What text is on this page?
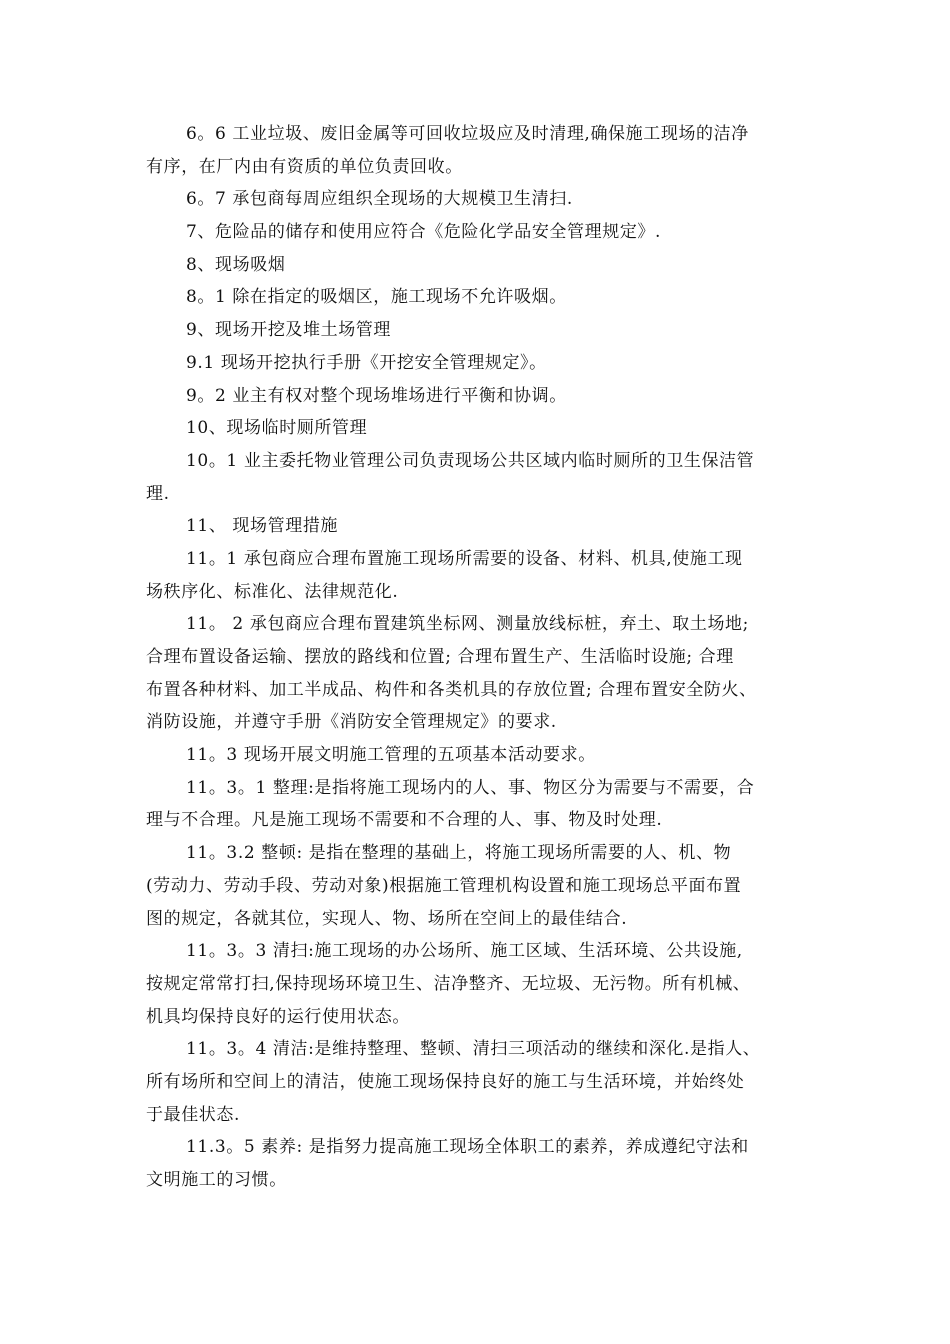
6。6 工业垃圾、废旧金属等可回收垃圾应及时清理,确保施工现场的洁净
有序，在厂内由有资质的单位负责回收。
6。7 承包商每周应组织全现场的大规模卫生清扫.
7、危险品的储存和使用应符合《危险化学品安全管理规定》.
8、现场吸烟
8。1 除在指定的吸烟区，施工现场不允许吸烟。
9、现场开挖及堆土场管理
9.1 现场开挖执行手册《开挖安全管理规定》。
9。2 业主有权对整个现场堆场进行平衡和协调。
10、现场临时厕所管理
10。1 业主委托物业管理公司负责现场公共区域内临时厕所的卫生保洁管
理.
11、 现场管理措施
11。1 承包商应合理布置施工现场所需要的设备、材料、机具,使施工现
场秩序化、标准化、法律规范化.
11。 2 承包商应合理布置建筑坐标网、测量放线标桩，弃土、取土场地;
合理布置设备运输、摆放的路线和位置; 合理布置生产、生活临时设施; 合理
布置各种材料、加工半成品、构件和各类机具的存放位置; 合理布置安全防火、
消防设施，并遵守手册《消防安全管理规定》的要求.
11。3 现场开展文明施工管理的五项基本活动要求。
11。3。1 整理:是指将施工现场内的人、事、物区分为需要与不需要，合
理与不合理。凡是施工现场不需要和不合理的人、事、物及时处理.
11。3.2 整顿: 是指在整理的基础上，将施工现场所需要的人、机、物
(劳动力、劳动手段、劳动对象)根据施工管理机构设置和施工现场总平面布置
图的规定，各就其位，实现人、物、场所在空间上的最佳结合.
11。3。3 清扫:施工现场的办公场所、施工区域、生活环境、公共设施,
按规定常常打扫,保持现场环境卫生、洁净整齐、无垃圾、无污物。所有机械、
机具均保持良好的运行使用状态。
11。3。4 清洁:是维持整理、整顿、清扫三项活动的继续和深化.是指人、
所有场所和空间上的清洁，使施工现场保持良好的施工与生活环境，并始终处
于最佳状态.
11.3。5 素养: 是指努力提高施工现场全体职工的素养，养成遵纪守法和
文明施工的习惯。
